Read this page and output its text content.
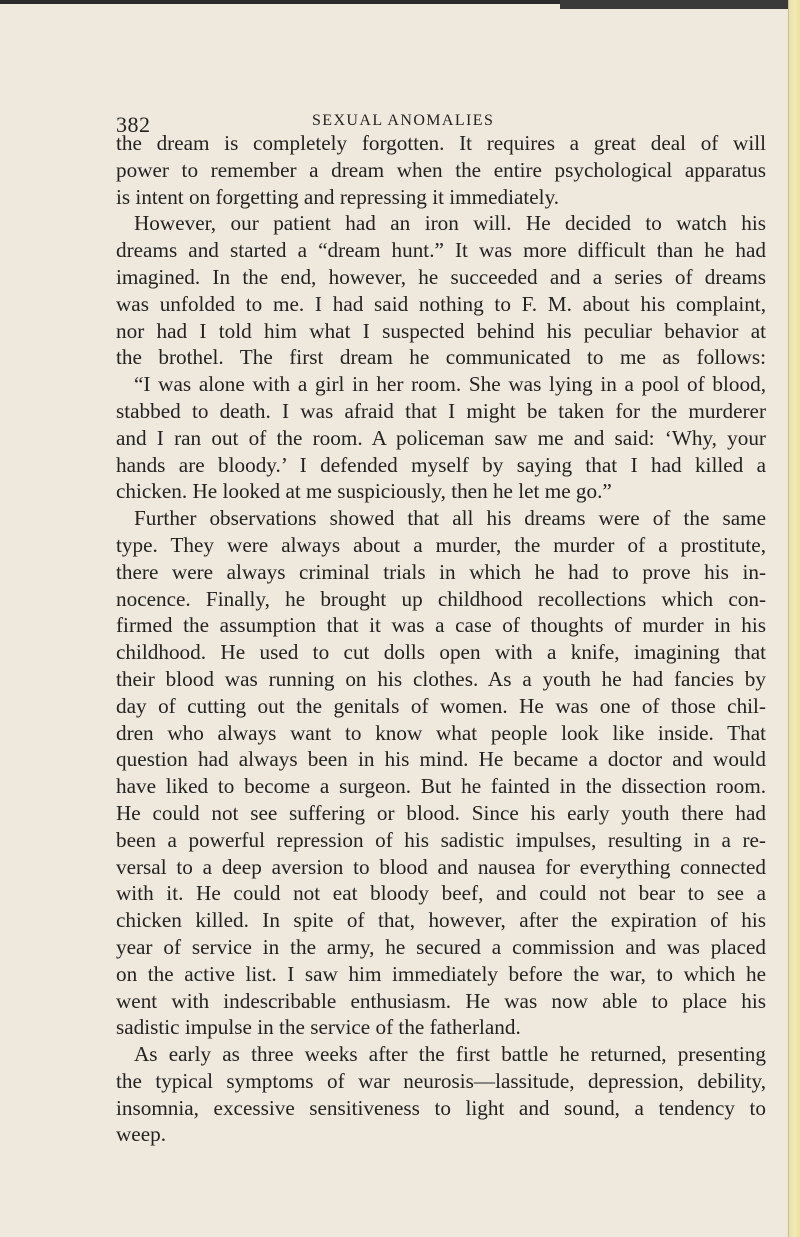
382	SEXUAL ANOMALIES
the dream is completely forgotten. It requires a great deal of will
power to remember a dream when the entire psychological apparatus
is intent on forgetting and repressing it immediately.
However, our patient had an iron will. He decided to watch his
dreams and started a “dream hunt.” It was more difficult than he had
imagined. In the end, however, he succeeded and a series of dreams
was unfolded to me. I had said nothing to F. M. about his complaint,
nor had I told him what I suspected behind his peculiar behavior at
the brothel. The first dream he communicated to me as follows:
“I was alone with a girl in her room. She was lying in a pool of blood,
stabbed to death. I was afraid that I might be taken for the murderer
and I ran out of the room. A policeman saw me and said: ‘Why, your
hands are bloody.’ I defended myself by saying that I had killed a
chicken. He looked at me suspiciously, then he let me go.”
Further observations showed that all his dreams were of the same
type. They were always about a murder, the murder of a prostitute,
there were always criminal trials in which he had to prove his in-
nocence. Finally, he brought up childhood recollections which con-
firmed the assumption that it was a case of thoughts of murder in his
childhood. He used to cut dolls open with a knife, imagining that
their blood was running on his clothes. As a youth he had fancies by
day of cutting out the genitals of women. He was one of those chil-
dren who always want to know what people look like inside. That
question had always been in his mind. He became a doctor and would
have liked to become a surgeon. But he fainted in the dissection room.
He could not see suffering or blood. Since his early youth there had
been a powerful repression of his sadistic impulses, resulting in a re-
versal to a deep aversion to blood and nausea for everything connected
with it. He could not eat bloody beef, and could not bear to see a
chicken killed. In spite of that, however, after the expiration of his
year of service in the army, he secured a commission and was placed
on the active list. I saw him immediately before the war, to which he
went with indescribable enthusiasm. He was now able to place his
sadistic impulse in the service of the fatherland.
As early as three weeks after the first battle he returned, presenting
the typical symptoms of war neurosis—lassitude, depression, debility,
insomnia, excessive sensitiveness to light and sound, a tendency to
weep.
